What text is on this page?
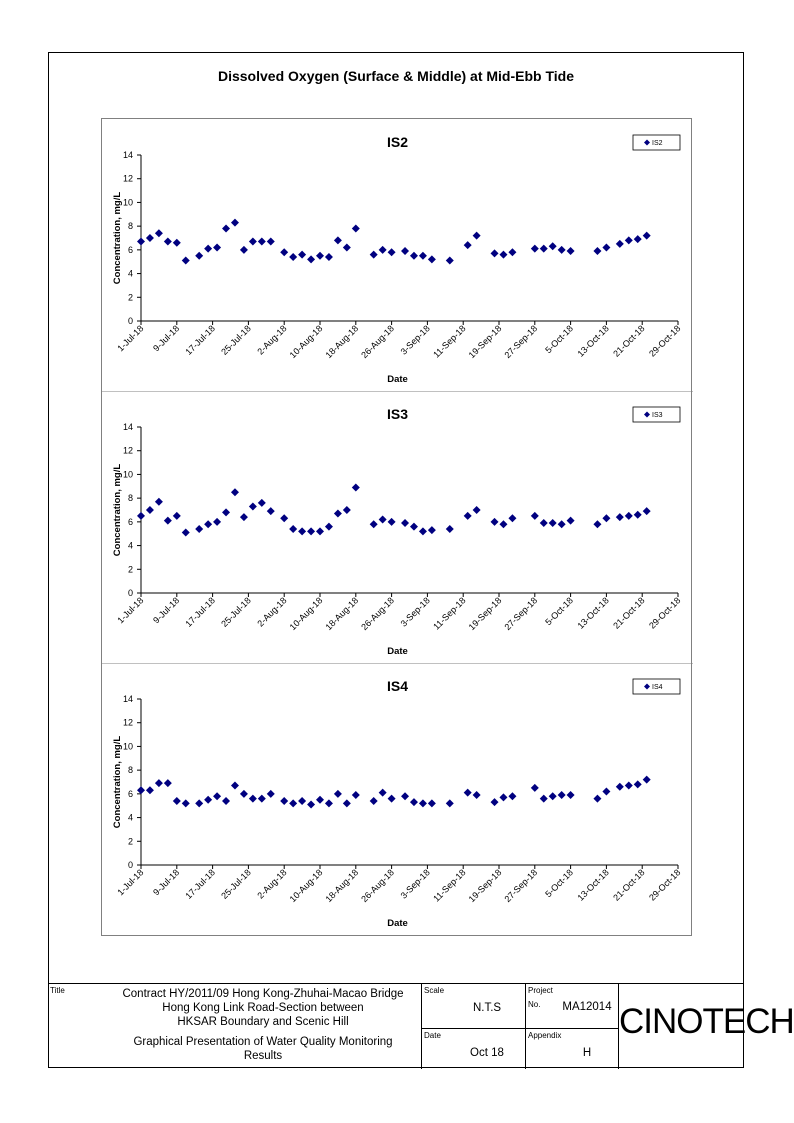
Dissolved Oxygen (Surface & Middle) at Mid-Ebb Tide
IS2
0
2
4
6
8
10
12
14
1-Jul-18 9-Jul-18 17-Jul-18 25-Jul-18 2-Aug-18 10-Aug-18 18-Aug-18 26-Aug-18 3-Sep-18 11-Sep-18 19-Sep-18 27-Sep-18 5-Oct-18 13-Oct-18 21-Oct-18 29-Oct-18
Date
Concentration, mg/L
IS2
IS3
0
2
4
6
8
10
12
14
1-Jul-18 9-Jul-18 17-Jul-18 25-Jul-18 2-Aug-18 10-Aug-18 18-Aug-18 26-Aug-18 3-Sep-18 11-Sep-18 19-Sep-18 27-Sep-18 5-Oct-18 13-Oct-18 21-Oct-18 29-Oct-18
Date
Concentration, mg/L
IS3
IS4
0
2
4
6
8
10
12
14
1-Jul-18 9-Jul-18 17-Jul-18 25-Jul-18 2-Aug-18 10-Aug-18 18-Aug-18 26-Aug-18 3-Sep-18 11-Sep-18 19-Sep-18 27-Sep-18 5-Oct-18 13-Oct-18 21-Oct-18 29-Oct-18
Date
Concentration, mg/L
IS4
Title	Contract HY/2011/09 Hong Kong-Zhuhai-Macao Bridge
Hong Kong Link Road-Section between
HKSAR Boundary and Scenic Hill
Graphical Presentation of Water Quality Monitoring
Results
Scale
N.T.S
Date
Oct 18
Project
No.	MA12014
Appendix
H
CINOTECH
